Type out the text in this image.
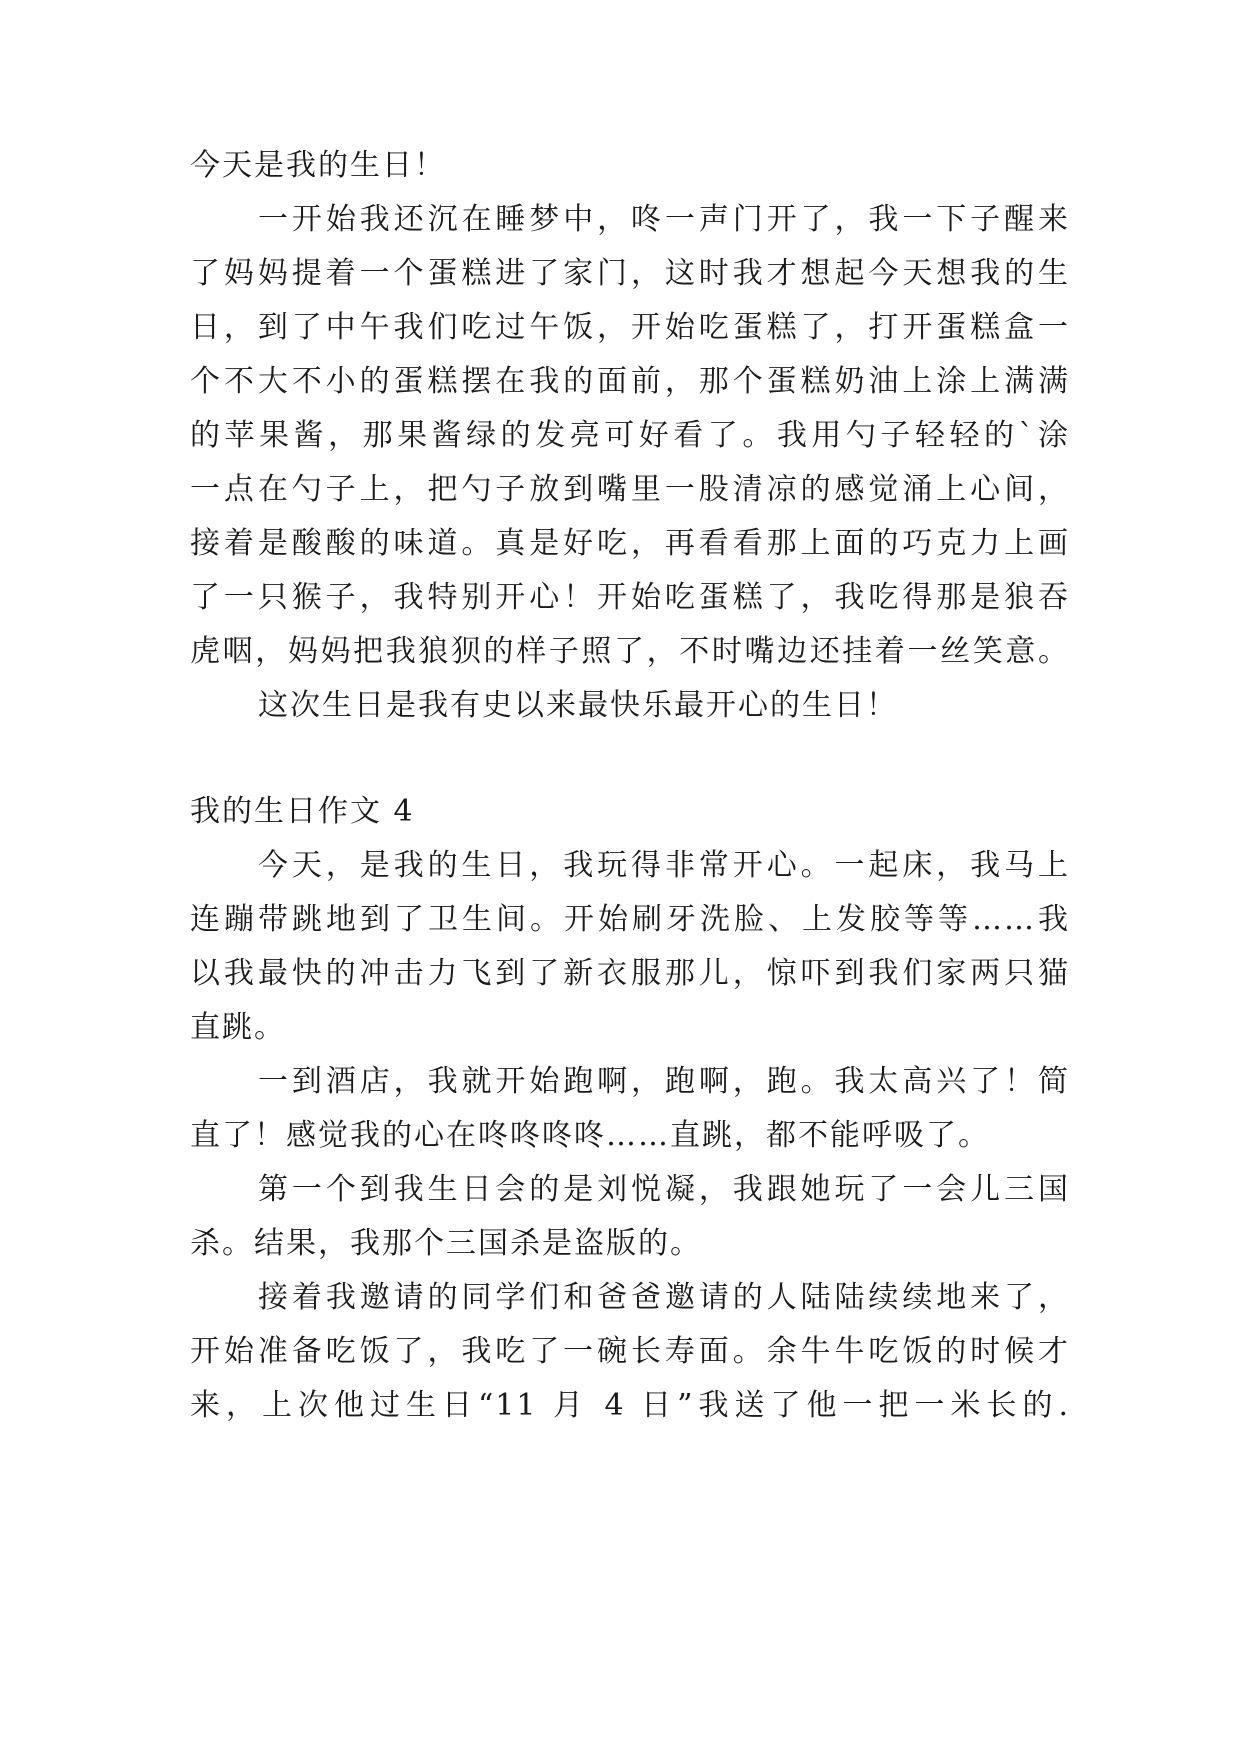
今天是我的生日！
一开始我还沉在睡梦中，咚一声门开了，我一下子醒来
了妈妈提着一个蛋糕进了家门，这时我才想起今天想我的生
日，到了中午我们吃过午饭，开始吃蛋糕了，打开蛋糕盒一
个不大不小的蛋糕摆在我的面前，那个蛋糕奶油上涂上满满
的苹果酱，那果酱绿的发亮可好看了。我用勺子轻轻的`涂
一点在勺子上，把勺子放到嘴里一股清凉的感觉涌上心间，
接着是酸酸的味道。真是好吃，再看看那上面的巧克力上画
了一只猴子，我特别开心！开始吃蛋糕了，我吃得那是狼吞
虎咽，妈妈把我狼狈的样子照了，不时嘴边还挂着一丝笑意。
这次生日是我有史以来最快乐最开心的生日！
我的生日作文 4
今天，是我的生日，我玩得非常开心。一起床，我马上
连蹦带跳地到了卫生间。开始刷牙洗脸、上发胶等等……我
以我最快的冲击力飞到了新衣服那儿，惊吓到我们家两只猫
直跳。
一到酒店，我就开始跑啊，跑啊，跑。我太高兴了！简
直了！感觉我的心在咚咚咚咚……直跳，都不能呼吸了。
第一个到我生日会的是刘悦凝，我跟她玩了一会儿三国
杀。结果，我那个三国杀是盗版的。
接着我邀请的同学们和爸爸邀请的人陆陆续续地来了，
开始准备吃饭了，我吃了一碗长寿面。余牛牛吃饭的时候才
来，上次他过生日“11 月 4 日”我送了他一把一米长的.
